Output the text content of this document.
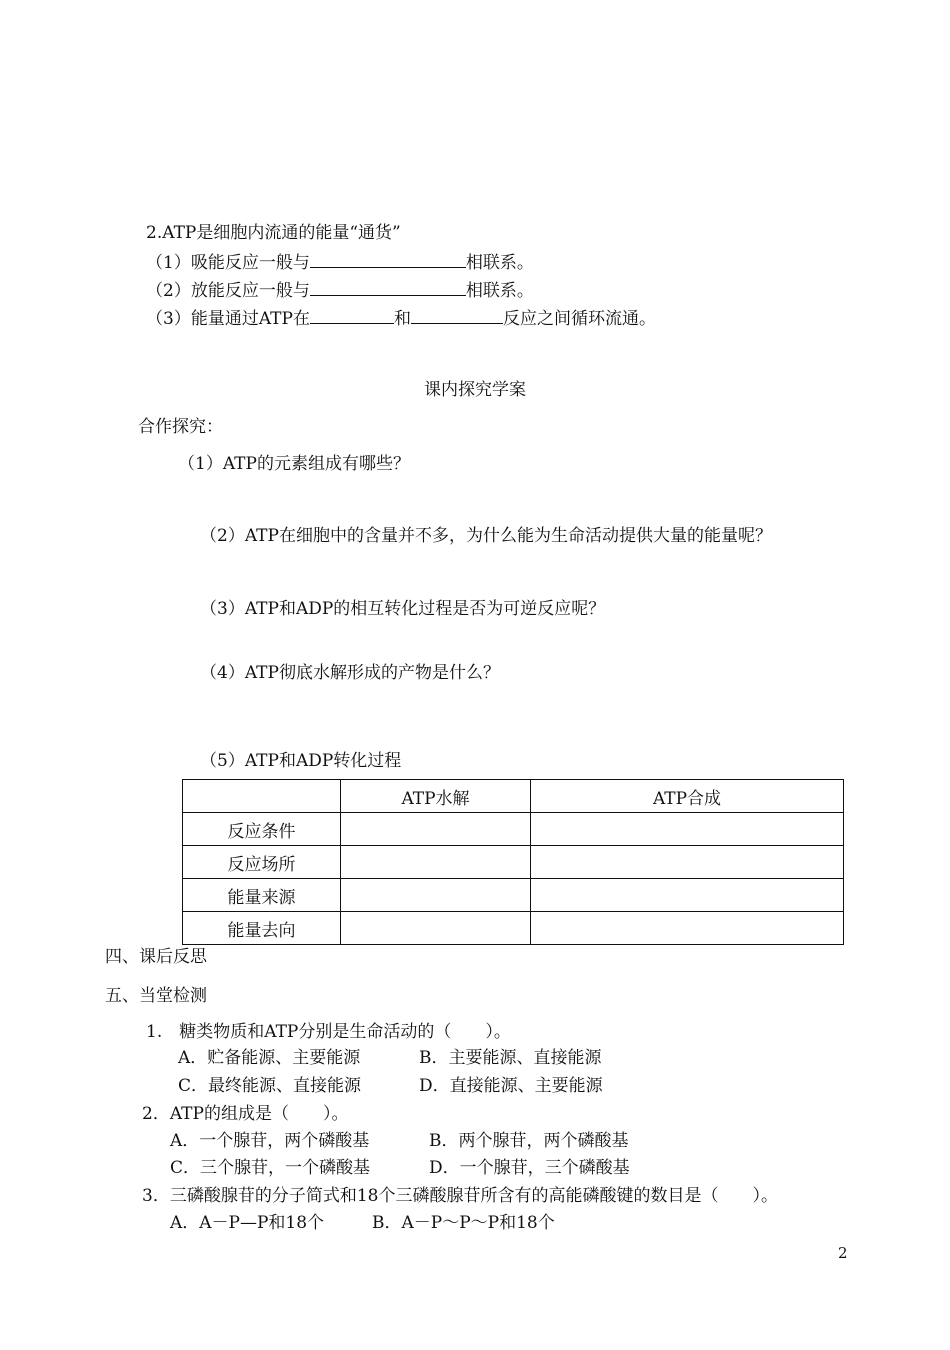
2.ATP是细胞内流通的能量“通货”
（1）吸能反应一般与	相联系。
（2）放能反应一般与	相联系。
（3）能量通过ATP在	和	反应之间循环流通。
课内探究学案
合作探究：
（1）ATP的元素组成有哪些？
（2）ATP在细胞中的含量并不多，为什么能为生命活动提供大量的能量呢？
（3）ATP和ADP的相互转化过程是否为可逆反应呢？
（4）ATP彻底水解形成的产物是什么？
（5）ATP和ADP转化过程
	ATP水解	ATP合成
反应条件		
反应场所		
能量来源		
能量去向		
四、课后反思
五、当堂检测
1.　糖类物质和ATP分别是生命活动的（　　）。
A．贮备能源、主要能源	B．主要能源、直接能源
C．最终能源、直接能源	D．直接能源、主要能源
2．ATP的组成是（　　）。
A．一个腺苷，两个磷酸基	B．两个腺苷，两个磷酸基
C．三个腺苷，一个磷酸基	D．一个腺苷，三个磷酸基
3．三磷酸腺苷的分子简式和18个三磷酸腺苷所含有的高能磷酸键的数目是（　　）。
A．A－P—P和18个	B．A－P～P～P和18个
2
